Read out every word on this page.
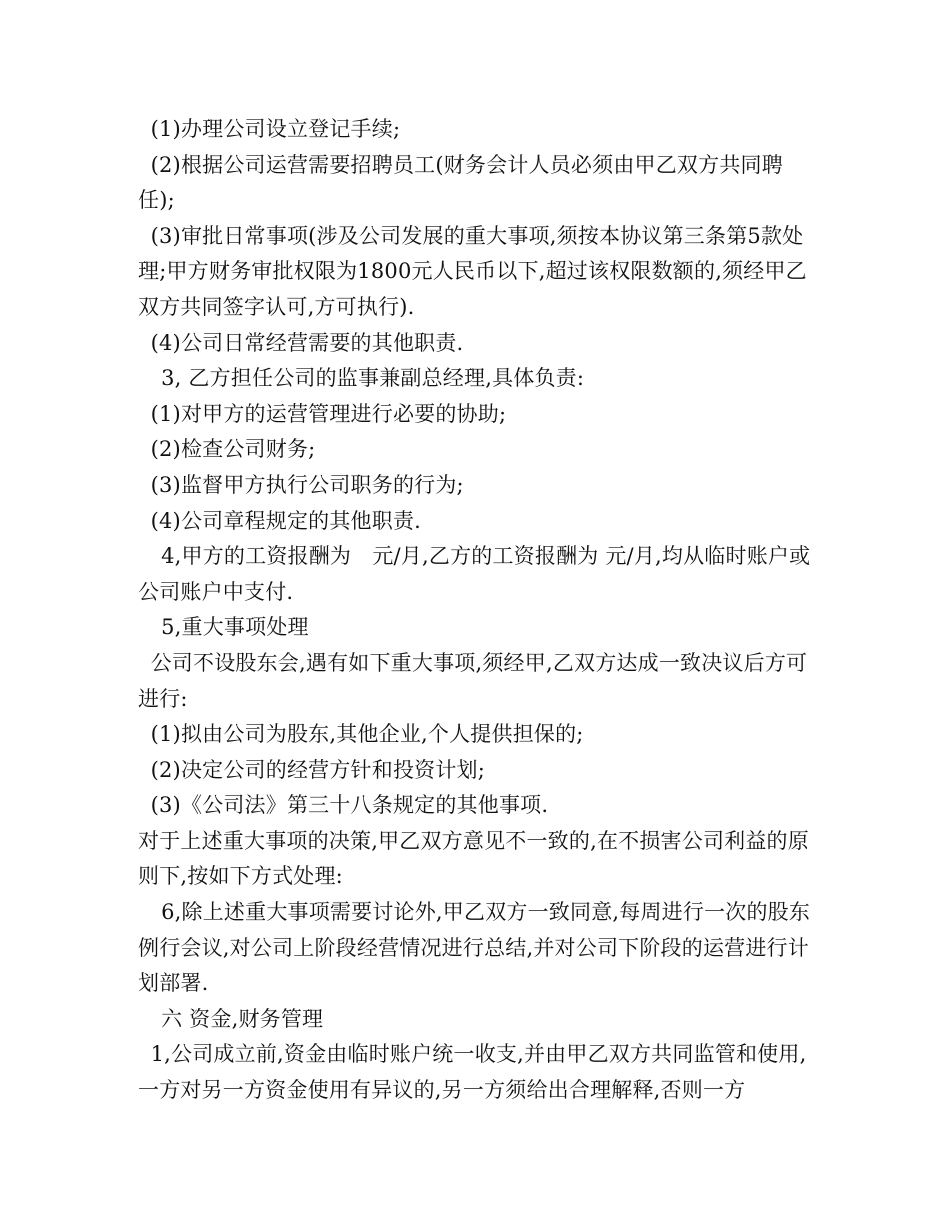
(1)办理公司设立登记手续;

(2)根据公司运营需要招聘员工(财务会计人员必须由甲乙双方共同聘任);

(3)审批日常事项(涉及公司发展的重大事项,须按本协议第三条第5款处理;甲方财务审批权限为1800元人民币以下,超过该权限数额的,须经甲乙双方共同签字认可,方可执行).

(4)公司日常经营需要的其他职责.

3, 乙方担任公司的监事兼副总经理,具体负责:

(1)对甲方的运营管理进行必要的协助;

(2)检查公司财务;

(3)监督甲方执行公司职务的行为;

(4)公司章程规定的其他职责.

4,甲方的工资报酬为　元/月,乙方的工资报酬为 元/月,均从临时账户或公司账户中支付.

5,重大事项处理

公司不设股东会,遇有如下重大事项,须经甲,乙双方达成一致决议后方可进行:

(1)拟由公司为股东,其他企业,个人提供担保的;

(2)决定公司的经营方针和投资计划;

(3)《公司法》第三十八条规定的其他事项.

对于上述重大事项的决策,甲乙双方意见不一致的,在不损害公司利益的原则下,按如下方式处理:

6,除上述重大事项需要讨论外,甲乙双方一致同意,每周进行一次的股东例行会议,对公司上阶段经营情况进行总结,并对公司下阶段的运营进行计划部署.

六 资金,财务管理

1,公司成立前,资金由临时账户统一收支,并由甲乙双方共同监管和使用,一方对另一方资金使用有异议的,另一方须给出合理解释,否则一方
